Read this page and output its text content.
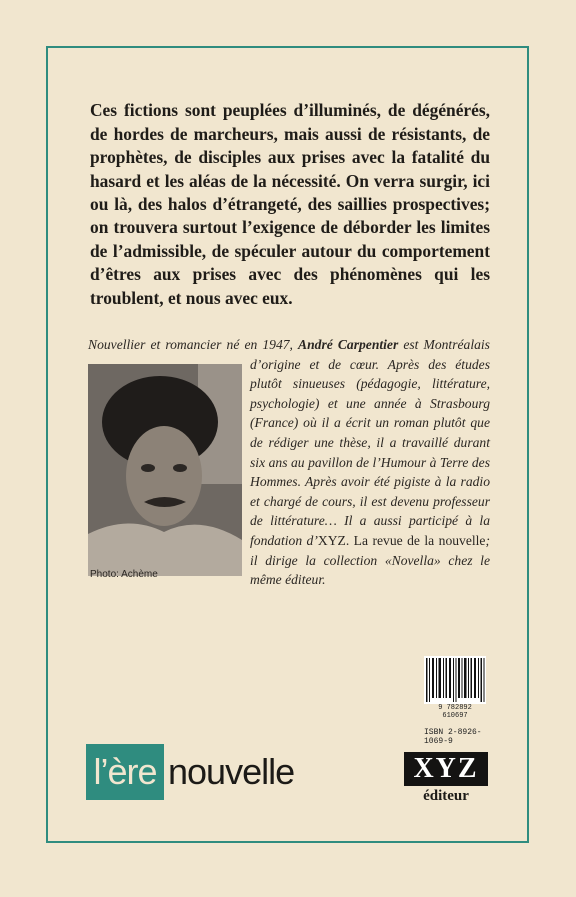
Ces fictions sont peuplées d’illuminés, de dégénérés, de hordes de marcheurs, mais aussi de résistants, de prophètes, de disciples aux prises avec la fatalité du hasard et les aléas de la nécessité. On verra surgir, ici ou là, des halos d’étrangeté, des saillies prospectives; on trouvera surtout l’exigence de déborder les limites de l’admissible, de spéculer autour du comportement d’êtres aux prises avec des phénomènes qui les troublent, et nous avec eux.

Nouvellier et romancier né en 1947, André Carpentier est Montréalais d’origine et de cœur. Après des études plutôt sinueuses (pédagogie, littérature, psychologie) et une année à Strasbourg (France) où il a écrit un roman plutôt que de rédiger une thèse, il a travaillé durant six ans au pavillon de l’Humour à Terre des Hommes. Après avoir été pigiste à la radio et chargé de cours, il est devenu professeur de littérature… Il a aussi participé à la fondation d’XYZ. La revue de la nouvelle; il dirige la collection «Novella» chez le même éditeur.
Photo: Achème
9 782892 610697
ISBN 2-8926-1069-9
l’ère nouvelle	XYZ
éditeur
